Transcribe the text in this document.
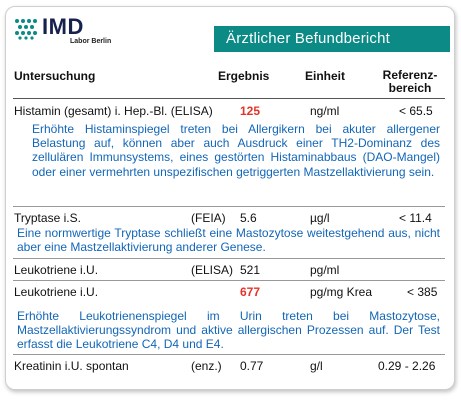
IMD
Labor Berlin	Ärztlicher Befundbericht
Untersuchung	Ergebnis	Einheit	Referenz-
bereich
Histamin (gesamt) i. Hep.-Bl. (ELISA) 125	ng/ml	< 65.5
Erhöhte Histaminspiegel treten bei Allergikern bei akuter allergener Belastung auf, können aber auch Ausdruck einer TH2-Dominanz des zellulären Immunsystems, eines gestörten Histaminabbaus (DAO-Mangel) oder einer vermehrten unspezifischen getriggerten Mastzellaktivierung sein.
Tryptase i.S.	(FEIA) 5.6	µg/l	< 11.4
Eine normwertige Tryptase schließt eine Mastozytose weitestgehend aus, nicht aber eine Mastzellaktivierung anderer Genese.
Leukotriene i.U.	(ELISA) 521	pg/ml
Leukotriene i.U.	677	pg/mg Krea	< 385
Erhöhte Leukotrienenspiegel im Urin treten bei Mastozytose, Mastzellaktivierungssyndrom und aktive allergischen Prozessen auf. Der Test erfasst die Leukotriene C4, D4 und E4.
Kreatinin i.U. spontan	(enz.) 0.77	g/l	0.29 - 2.26
